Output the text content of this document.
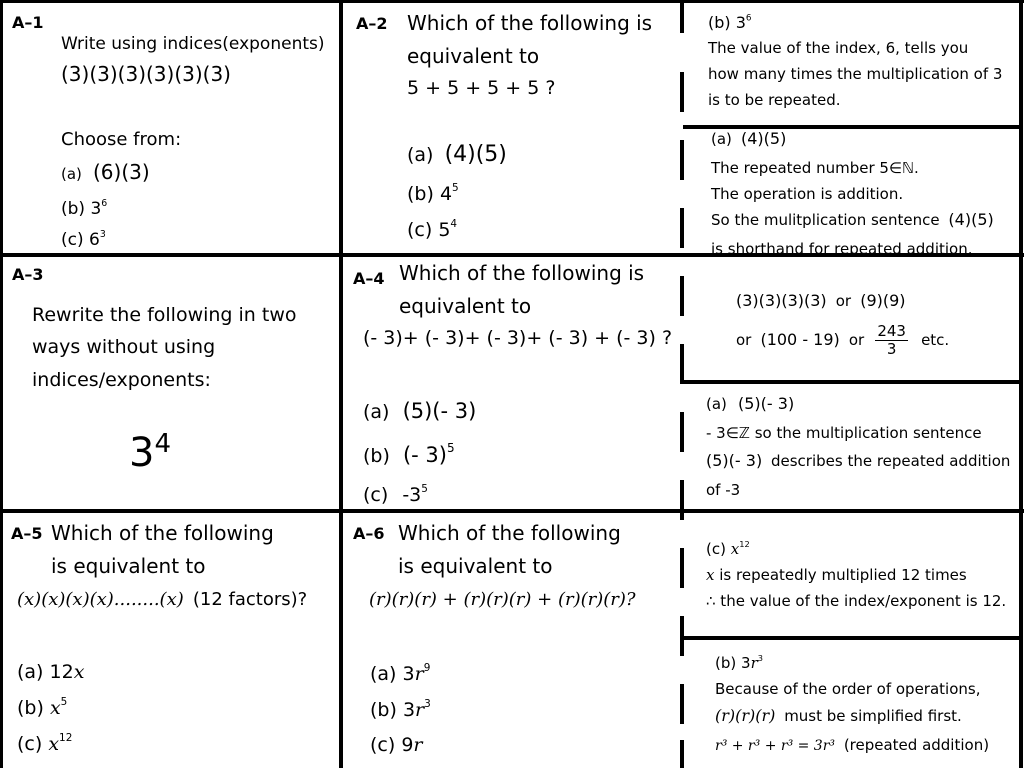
A–1
Write using indices(exponents)
(3)(3)(3)(3)(3)(3)
Choose from:
(a) (6)(3)
(b) $3^6$
(c) $6^3$
A–2 Which of the following is
equivalent to
5 + 5 + 5 + 5 ?
(a) (4)(5)
(b) $4^5$
(c) $5^4$
(b) $3^6$
The value of the index, 6, tells you
how many times the multiplication of 3
is to be repeated.
(a) (4)(5)
The repeated number 5∈ℕ.
The operation is addition.
So the mulitplication sentence (4)(5)
is shorthand for repeated addition.
A–3
Rewrite the following in two
ways without using
indices/exponents:
$3^4$
A–4 Which of the following is
equivalent to
(- 3)+ (- 3)+ (- 3)+ (- 3) + (- 3) ?
(a) (5)(- 3)
(b) (- 3)$^5$
(c) $-3^5$
(3)(3)(3)(3) or (9)(9)
or (100 - 19) or $\frac{243}{3}$ etc.
(a) (5)(- 3)
- 3∈ℤ so the multiplication sentence
(5)(- 3) describes the repeated addition
of -3
A–5 Which of the following
is equivalent to
(x)(x)(x)(x)........(x) (12 factors)?
(a) 12x
(b) $x^5$
(c) $x^{12}$
A–6 Which of the following
is equivalent to
(r)(r)(r) + (r)(r)(r) + (r)(r)(r)?
(a) $3r^9$
(b) $3r^3$
(c) 9r
(c) $x^{12}$
x is repeatedly multiplied 12 times
∴ the value of the index/exponent is 12.
(b) $3r^3$
Because of the order of operations,
(r)(r)(r) must be simplified first.
r³ + r³ + r³ = 3r³ (repeated addition)
